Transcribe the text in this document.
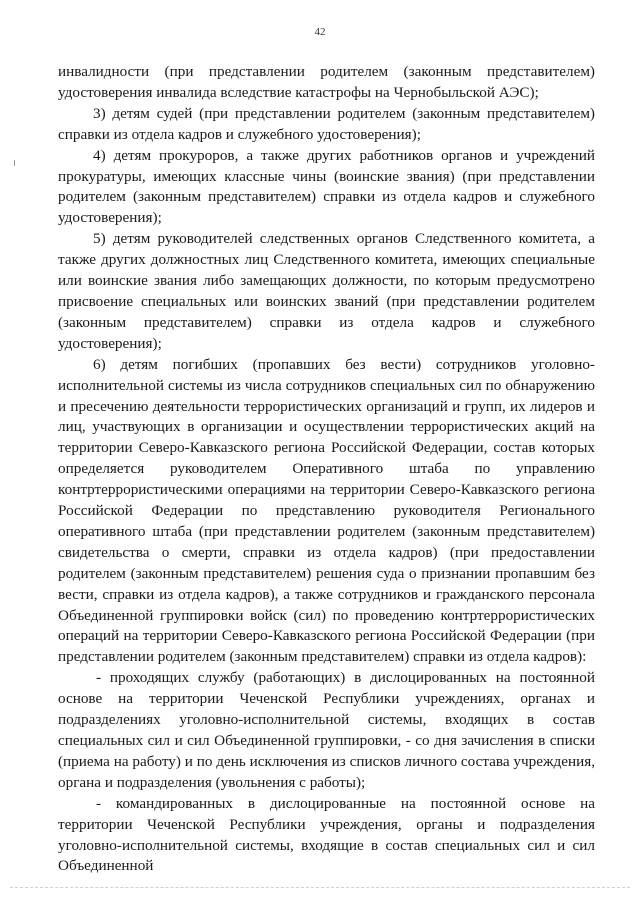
42

инвалидности (при представлении родителем (законным представителем) удостоверения инвалида вследствие катастрофы на Чернобыльской АЭС);

3) детям судей (при представлении родителем (законным представителем) справки из отдела кадров и служебного удостоверения);

4) детям прокуроров, а также других работников органов и учреждений прокуратуры, имеющих классные чины (воинские звания) (при представлении родителем (законным представителем) справки из отдела кадров и служебного удостоверения);

5) детям руководителей следственных органов Следственного комитета, а также других должностных лиц Следственного комитета, имеющих специальные или воинские звания либо замещающих должности, по которым предусмотрено присвоение специальных или воинских званий (при представлении родителем (законным представителем) справки из отдела кадров и служебного удостоверения);

6) детям погибших (пропавших без вести) сотрудников уголовно-исполнительной системы из числа сотрудников специальных сил по обнаружению и пресечению деятельности террористических организаций и групп, их лидеров и лиц, участвующих в организации и осуществлении террористических акций на территории Северо-Кавказского региона Российской Федерации, состав которых определяется руководителем Оперативного штаба по управлению контртеррористическими операциями на территории Северо-Кавказского региона Российской Федерации по представлению руководителя Регионального оперативного штаба (при представлении родителем (законным представителем) свидетельства о смерти, справки из отдела кадров) (при предоставлении родителем (законным представителем) решения суда о признании пропавшим без вести, справки из отдела кадров), а также сотрудников и гражданского персонала Объединенной группировки войск (сил) по проведению контртеррористических операций на территории Северо-Кавказского региона Российской Федерации (при представлении родителем (законным представителем) справки из отдела кадров):

- проходящих службу (работающих) в дислоцированных на постоянной основе на территории Чеченской Республики учреждениях, органах и подразделениях уголовно-исполнительной системы, входящих в состав специальных сил и сил Объединенной группировки, - со дня зачисления в списки (приема на работу) и по день исключения из списков личного состава учреждения, органа и подразделения (увольнения с работы);

- командированных в дислоцированные на постоянной основе на территории Чеченской Республики учреждения, органы и подразделения уголовно-исполнительной системы, входящие в состав специальных сил и сил Объединенной
